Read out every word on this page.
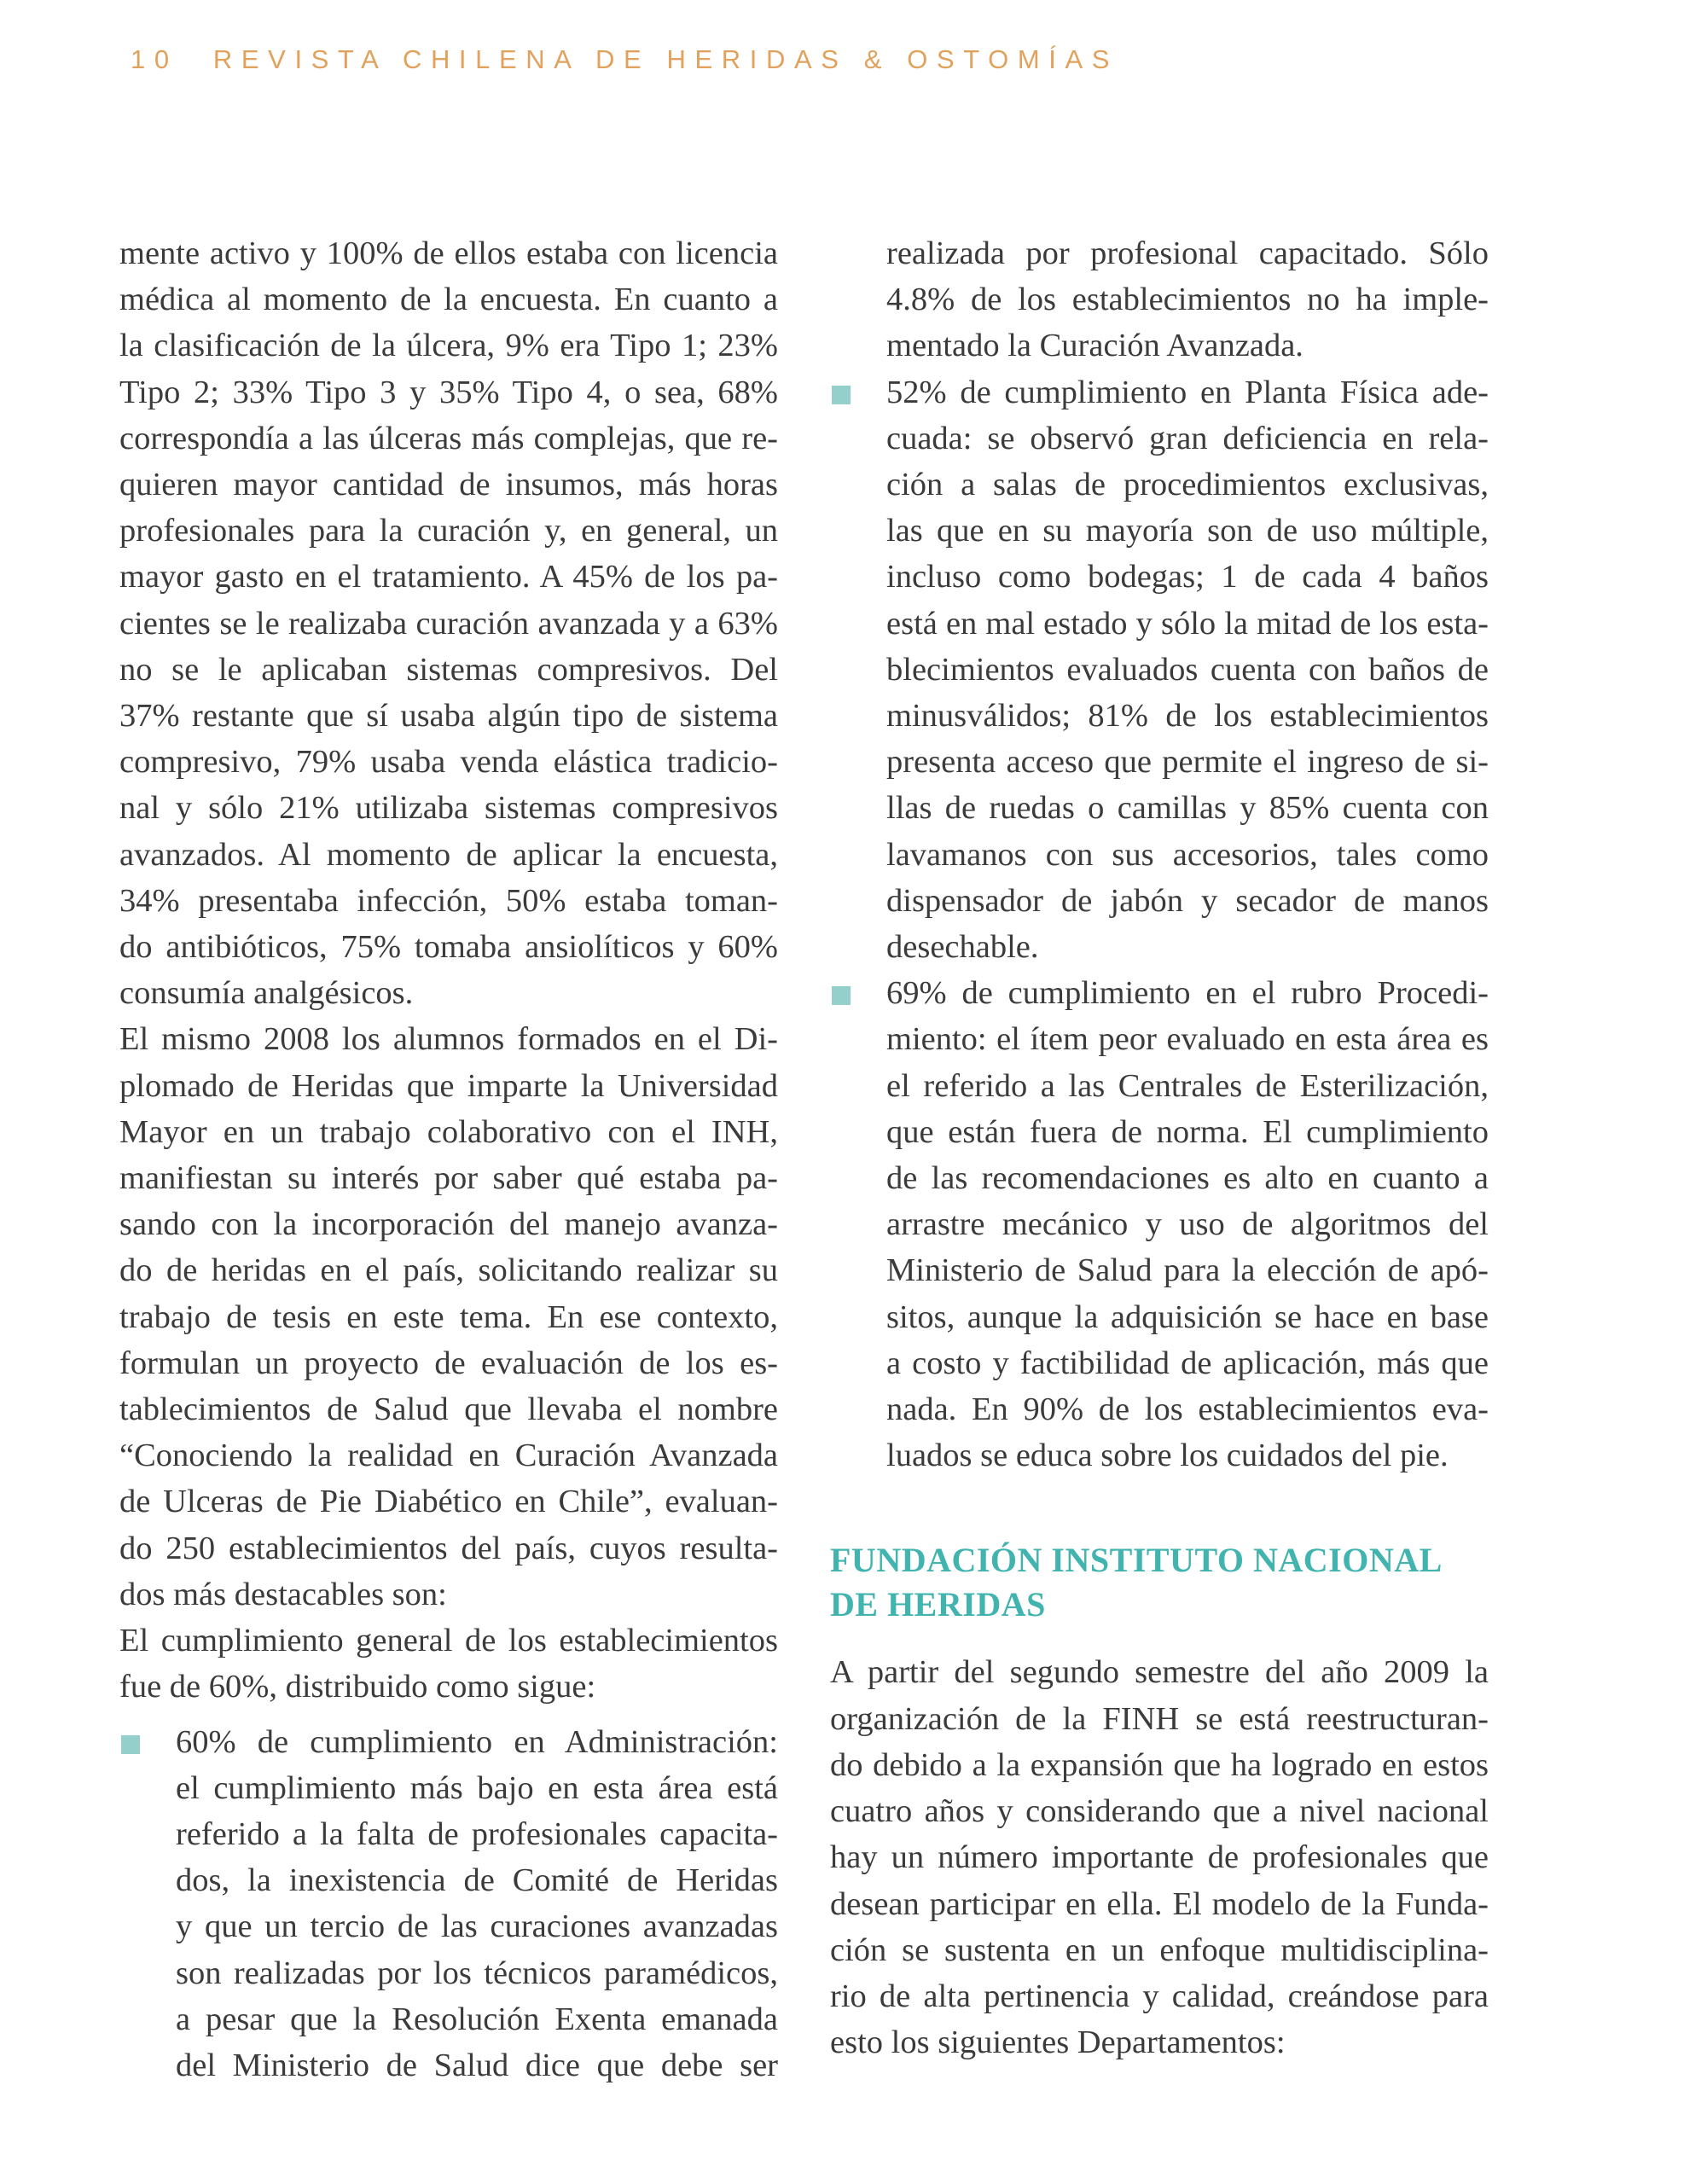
10 REVISTA CHILENA DE HERIDAS & OSTOMÍAS
mente activo y 100% de ellos estaba con licencia
médica al momento de la encuesta. En cuanto a
la clasificación de la úlcera, 9% era Tipo 1; 23%
Tipo 2; 33% Tipo 3 y 35% Tipo 4, o sea, 68%
correspondía a las úlceras más complejas, que re-
quieren mayor cantidad de insumos, más horas
profesionales para la curación y, en general, un
mayor gasto en el tratamiento. A 45% de los pa-
cientes se le realizaba curación avanzada y a 63%
no se le aplicaban sistemas compresivos. Del
37% restante que sí usaba algún tipo de sistema
compresivo, 79% usaba venda elástica tradicio-
nal y sólo 21% utilizaba sistemas compresivos
avanzados. Al momento de aplicar la encuesta,
34% presentaba infección, 50% estaba toman-
do antibióticos, 75% tomaba ansiolíticos y 60%
consumía analgésicos.
El mismo 2008 los alumnos formados en el Di-
plomado de Heridas que imparte la Universidad
Mayor en un trabajo colaborativo con el INH,
manifiestan su interés por saber qué estaba pa-
sando con la incorporación del manejo avanza-
do de heridas en el país, solicitando realizar su
trabajo de tesis en este tema. En ese contexto,
formulan un proyecto de evaluación de los es-
tablecimientos de Salud que llevaba el nombre
“Conociendo la realidad en Curación Avanzada
de Ulceras de Pie Diabético en Chile”, evaluan-
do 250 establecimientos del país, cuyos resulta-
dos más destacables son:
El cumplimiento general de los establecimientos
fue de 60%, distribuido como sigue:
60% de cumplimiento en Administración:
el cumplimiento más bajo en esta área está
referido a la falta de profesionales capacita-
dos, la inexistencia de Comité de Heridas
y que un tercio de las curaciones avanzadas
son realizadas por los técnicos paramédicos,
a pesar que la Resolución Exenta emanada
del Ministerio de Salud dice que debe ser
realizada por profesional capacitado. Sólo
4.8% de los establecimientos no ha imple-
mentado la Curación Avanzada.
52% de cumplimiento en Planta Física ade-
cuada: se observó gran deficiencia en rela-
ción a salas de procedimientos exclusivas,
las que en su mayoría son de uso múltiple,
incluso como bodegas; 1 de cada 4 baños
está en mal estado y sólo la mitad de los esta-
blecimientos evaluados cuenta con baños de
minusválidos; 81% de los establecimientos
presenta acceso que permite el ingreso de si-
llas de ruedas o camillas y 85% cuenta con
lavamanos con sus accesorios, tales como
dispensador de jabón y secador de manos
desechable.
69% de cumplimiento en el rubro Procedi-
miento: el ítem peor evaluado en esta área es
el referido a las Centrales de Esterilización,
que están fuera de norma. El cumplimiento
de las recomendaciones es alto en cuanto a
arrastre mecánico y uso de algoritmos del
Ministerio de Salud para la elección de apó-
sitos, aunque la adquisición se hace en base
a costo y factibilidad de aplicación, más que
nada. En 90% de los establecimientos eva-
luados se educa sobre los cuidados del pie.
FUNDACIÓN INSTITUTO NACIONAL
DE HERIDAS
A partir del segundo semestre del año 2009 la
organización de la FINH se está reestructuran-
do debido a la expansión que ha logrado en estos
cuatro años y considerando que a nivel nacional
hay un número importante de profesionales que
desean participar en ella. El modelo de la Funda-
ción se sustenta en un enfoque multidisciplina-
rio de alta pertinencia y calidad, creándose para
esto los siguientes Departamentos:
